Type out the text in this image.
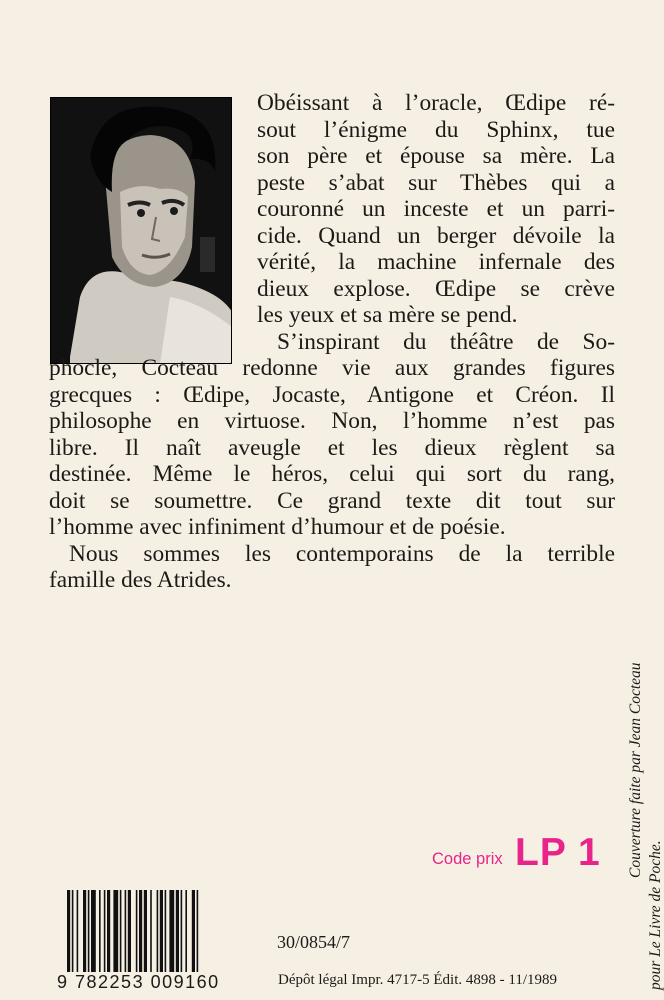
Obéissant à l’oracle, Œdipe ré-
sout l’énigme du Sphinx, tue
son père et épouse sa mère. La
peste s’abat sur Thèbes qui a
couronné un inceste et un parri-
cide. Quand un berger dévoile la
vérité, la machine infernale des
dieux explose. Œdipe se crève
les yeux et sa mère se pend.

S’inspirant du théâtre de So-
phocle, Cocteau redonne vie aux grandes figures
grecques : Œdipe, Jocaste, Antigone et Créon. Il
philosophe en virtuose. Non, l’homme n’est pas
libre. Il naît aveugle et les dieux règlent sa
destinée. Même le héros, celui qui sort du rang,
doit se soumettre. Ce grand texte dit tout sur
l’homme avec infiniment d’humour et de poésie.

Nous sommes les contemporains de la terrible
famille des Atrides.

Couverture faite par Jean Cocteau
pour Le Livre de Poche.
Code prix LP 1
9 782253 009160
30/0854/7
Dépôt légal Impr. 4717-5 Édit. 4898 - 11/1989
